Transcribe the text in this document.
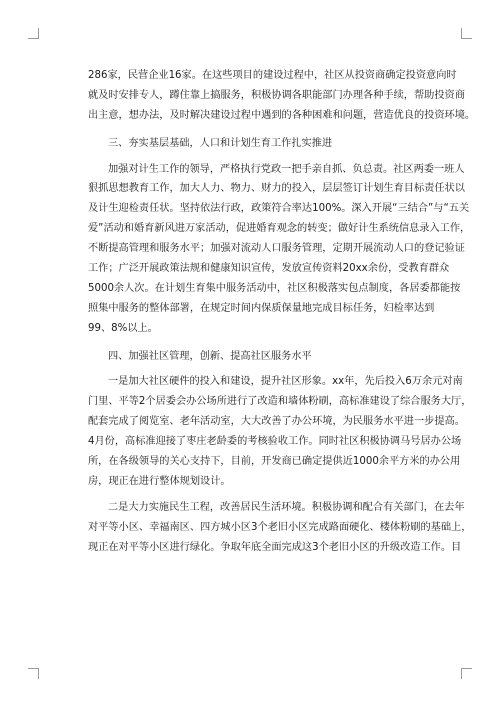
286家，民营企业16家。在这些项目的建设过程中，社区从投资商确定投资意向时
就及时安排专人，蹲住靠上搞服务，积极协调各职能部门办理各种手续，帮助投资商
出主意，想办法，及时解决建设过程中遇到的各种困难和问题，营造优良的投资环境。
三、夯实基层基础，人口和计划生育工作扎实推进
加强对计生工作的领导，严格执行党政一把手亲自抓、负总责。社区两委一班人
狠抓思想教育工作，加大人力、物力、财力的投入，层层签订计划生育目标责任状以
及计生迎检责任状。坚持依法行政，政策符合率达100%。深入开展“三结合”与“五关
爱”活动和婚育新风进万家活动，促进婚育观念的转变；做好计生系统信息录入工作，
不断提高管理和服务水平；加强对流动人口服务管理，定期开展流动人口的登记验证
工作；广泛开展政策法规和健康知识宣传，发放宣传资料20xx余份，受教育群众
5000余人次。在计划生育集中服务活动中，社区积极落实包点制度，各居委都能按
照集中服务的整体部署，在规定时间内保质保量地完成目标任务，妇检率达到
99、8%以上。
四、加强社区管理，创新、提高社区服务水平
一是加大社区硬件的投入和建设，提升社区形象。xx年，先后投入6万余元对南
门里、平等2个居委会办公场所进行了改造和墙体粉刷，高标准建设了综合服务大厅，
配套完成了阅览室、老年活动室，大大改善了办公环境，为民服务水平进一步提高。
4月份，高标准迎接了枣庄老龄委的考核验收工作。同时社区积极协调马号居办公场
所，在各级领导的关心支持下，目前，开发商已确定提供近1000余平方米的办公用
房，现正在进行整体规划设计。
二是大力实施民生工程，改善居民生活环境。积极协调和配合有关部门，在去年
对平等小区、幸福南区、四方城小区3个老旧小区完成路面硬化、楼体粉刷的基础上，
现正在对平等小区进行绿化。争取年底全面完成这3个老旧小区的升级改造工作。目
